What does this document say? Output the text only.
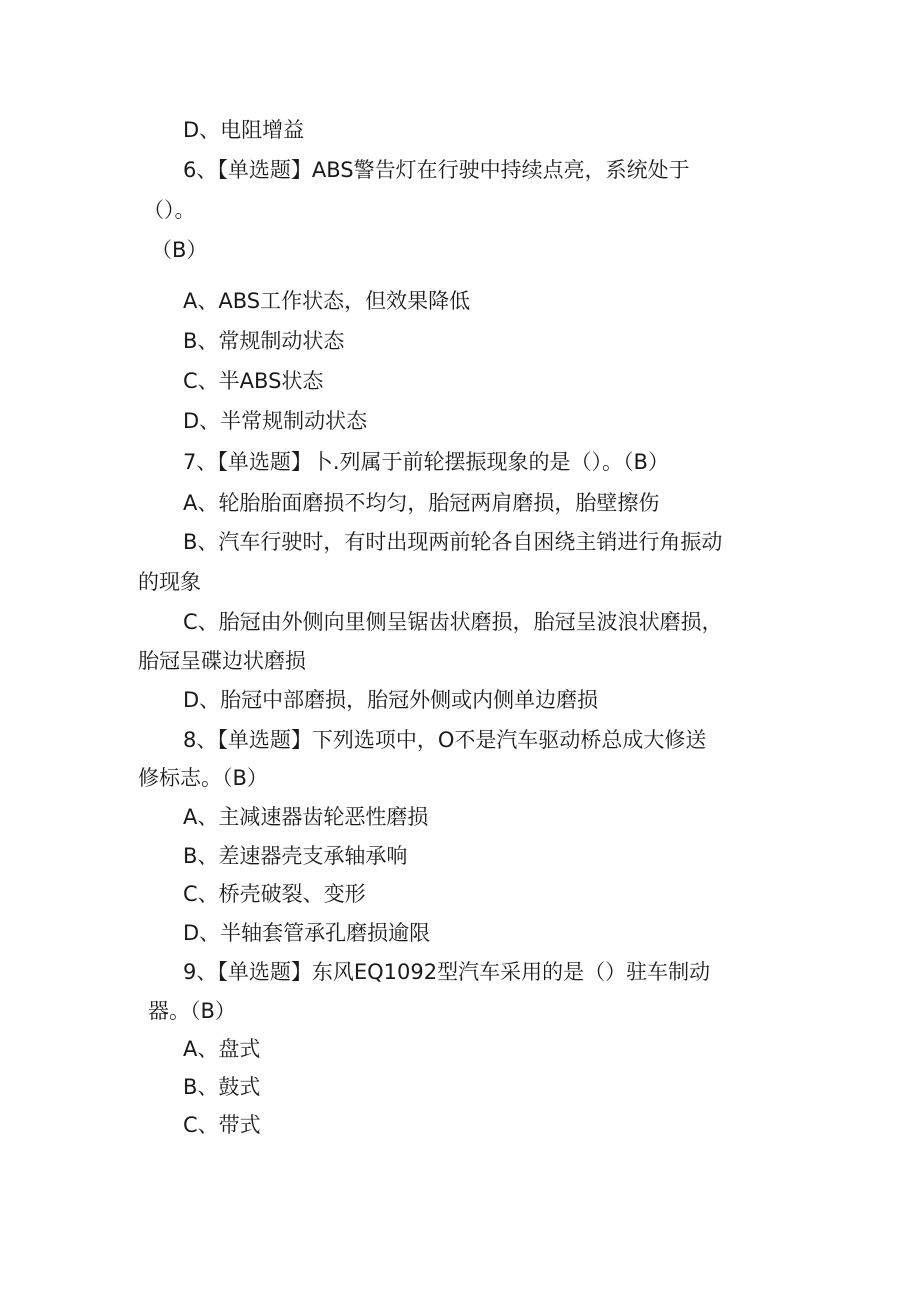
D、电阻增益
6、【单选题】ABS警告灯在行驶中持续点亮，系统处于
（）。
（B）
A、ABS工作状态，但效果降低
B、常规制动状态
C、半ABS状态
D、半常规制动状态
7、【单选题】卜.列属于前轮摆振现象的是（）。（B）
A、轮胎胎面磨损不均匀，胎冠两肩磨损，胎壁擦伤
B、汽车行驶时，有时出现两前轮各自困绕主销进行角振动
的现象
C、胎冠由外侧向里侧呈锯齿状磨损，胎冠呈波浪状磨损，
胎冠呈碟边状磨损
D、胎冠中部磨损，胎冠外侧或内侧单边磨损
8、【单选题】下列选项中，O不是汽车驱动桥总成大修送
修标志。（B）
A、主减速器齿轮恶性磨损
B、差速器壳支承轴承响
C、桥壳破裂、变形
D、半轴套管承孔磨损逾限
9、【单选题】东风EQ1092型汽车采用的是（）驻车制动
器。（B）
A、盘式
B、鼓式
C、带式
